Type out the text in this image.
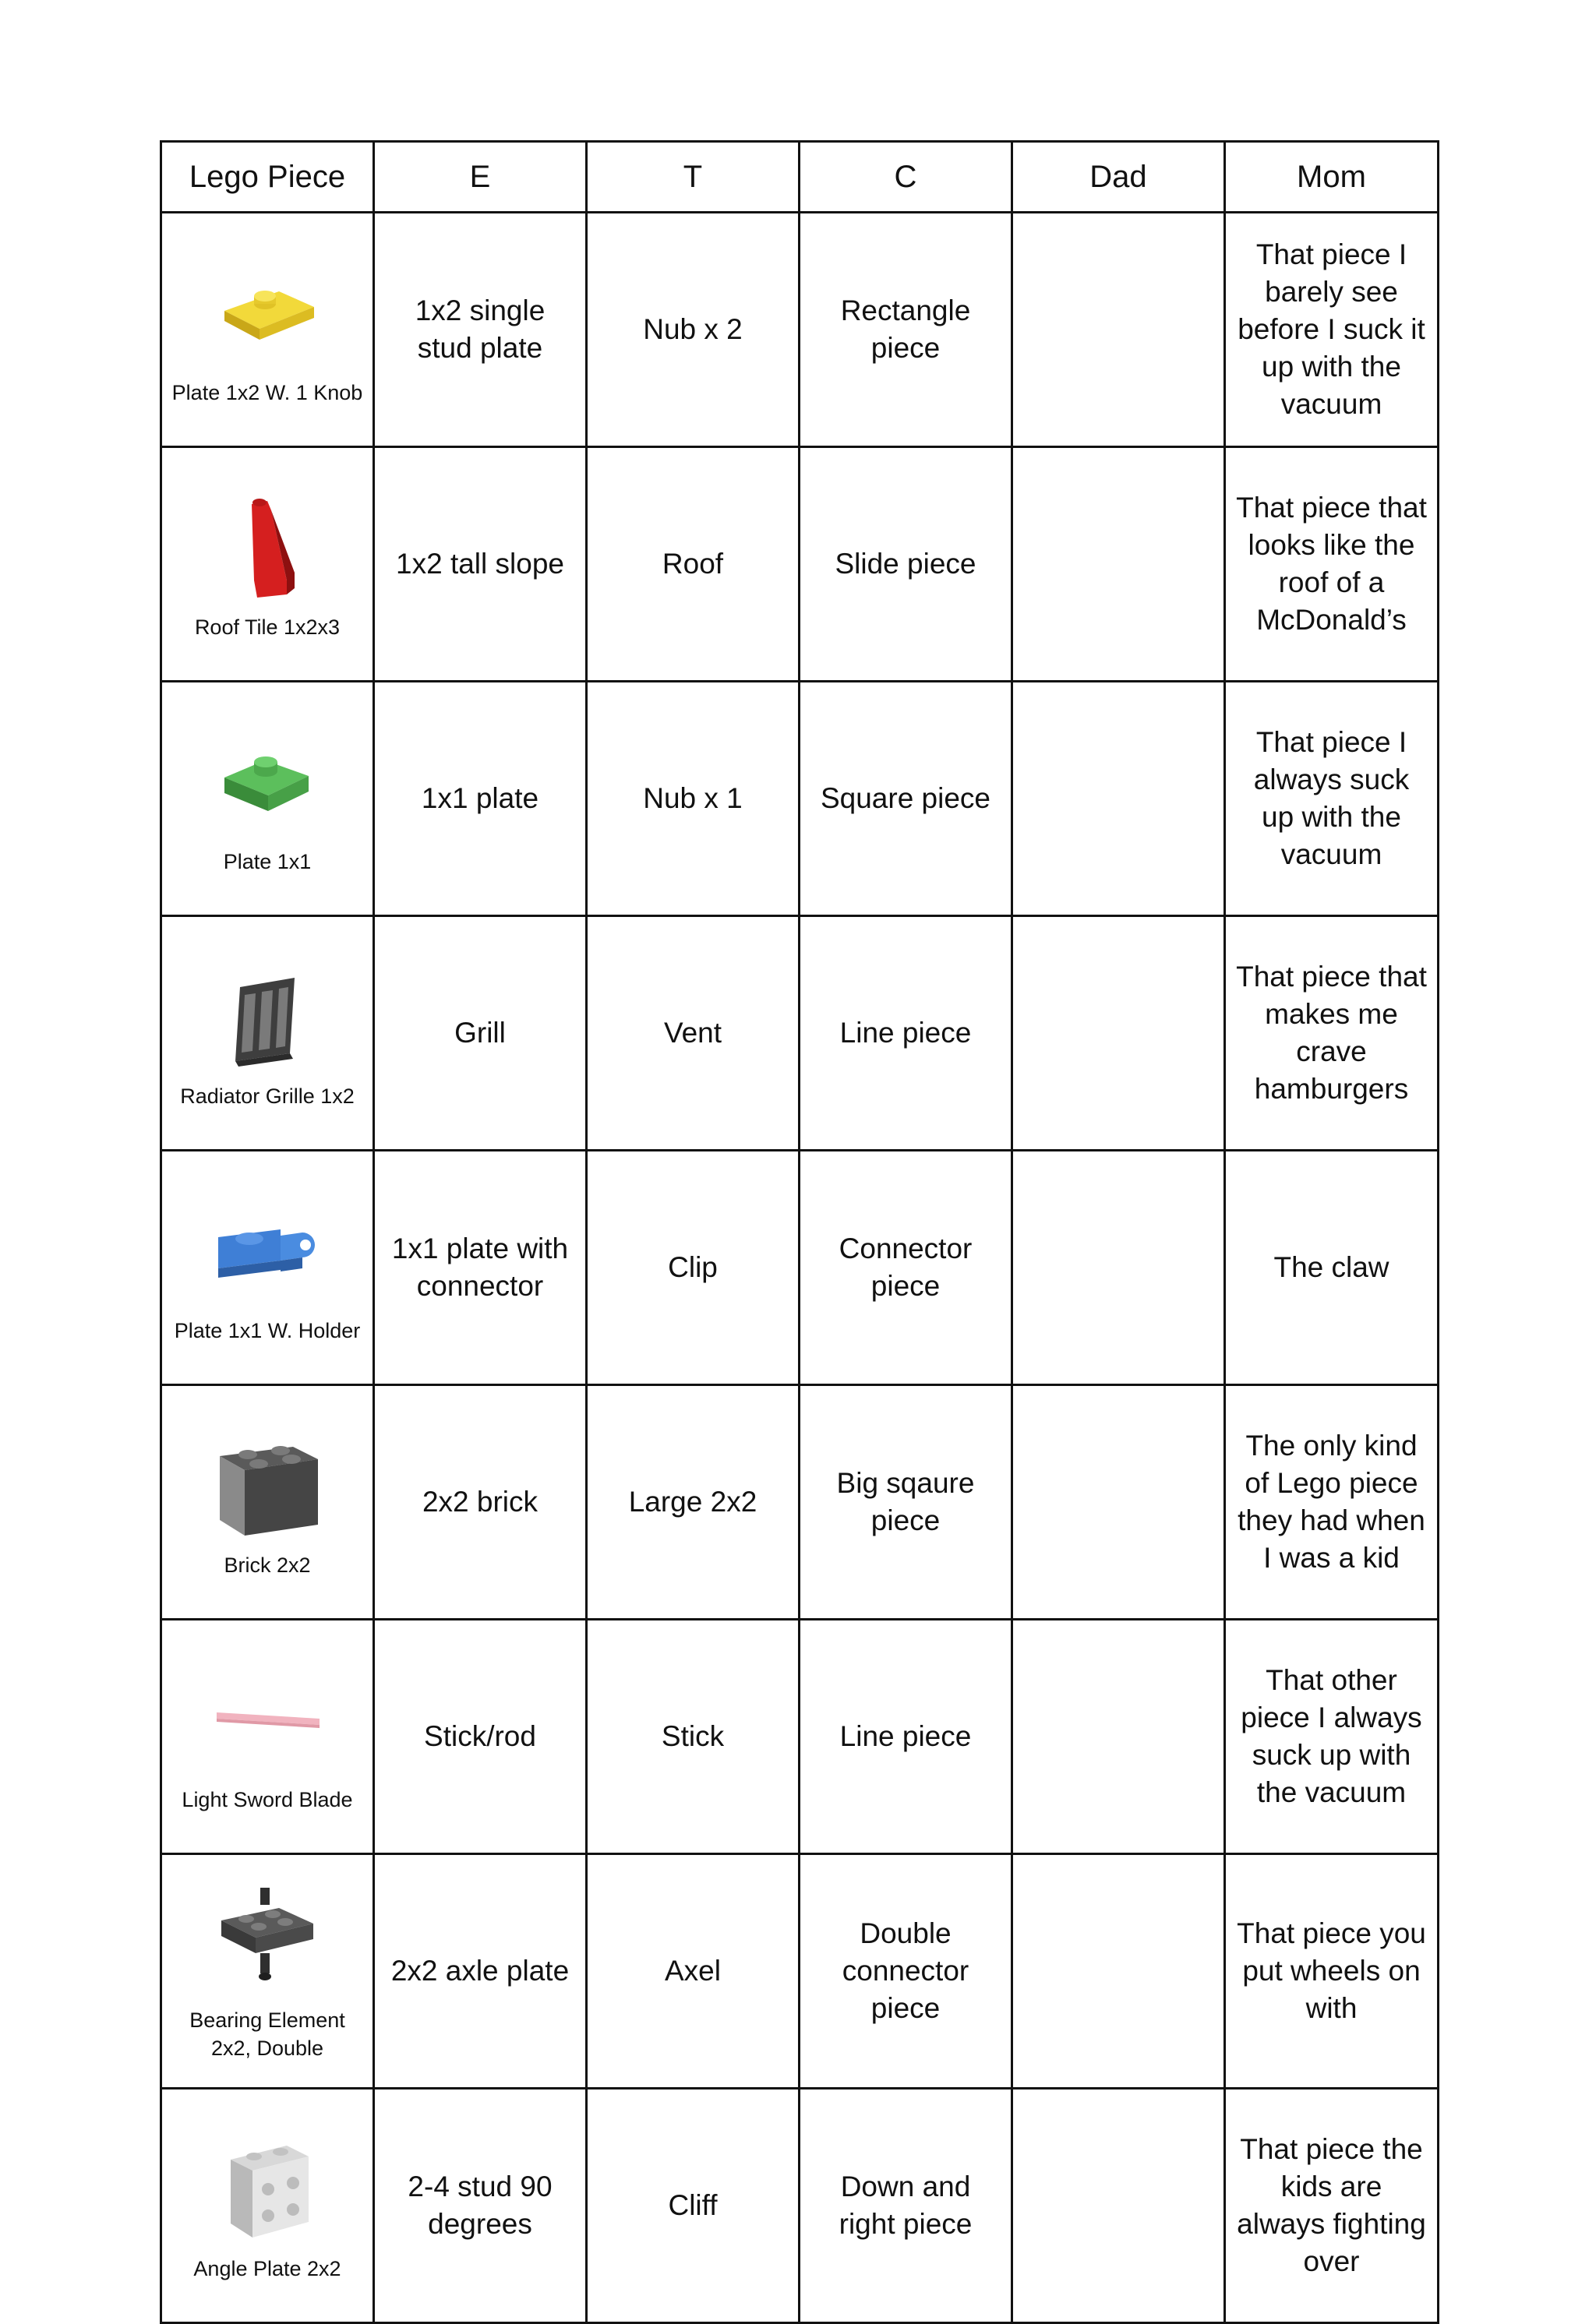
Lego Piece	E	T	C	Dad	Mom

Plate 1x2 W. 1 Knob	1x2 single stud plate	Nub x 2	Rectangle piece		That piece I barely see before I suck it up with the vacuum

Roof Tile 1x2x3	1x2 tall slope	Roof	Slide piece		That piece that looks like the roof of a McDonald’s

Plate 1x1	1x1 plate	Nub x 1	Square piece		That piece I always suck up with the vacuum

Radiator Grille 1x2	Grill	Vent	Line piece		That piece that makes me crave hamburgers

Plate 1x1 W. Holder	1x1 plate with connector	Clip	Connector piece		The claw

Brick 2x2	2x2 brick	Large 2x2	Big sqaure piece		The only kind of Lego piece they had when I was a kid

Light Sword Blade	Stick/rod	Stick	Line piece		That other piece I always suck up with the vacuum

Bearing Element 2x2, Double	2x2 axle plate	Axel	Double connector piece		That piece you put wheels on with

Angle Plate 2x2	2-4 stud 90 degrees	Cliff	Down and right piece		That piece the kids are always fighting over
